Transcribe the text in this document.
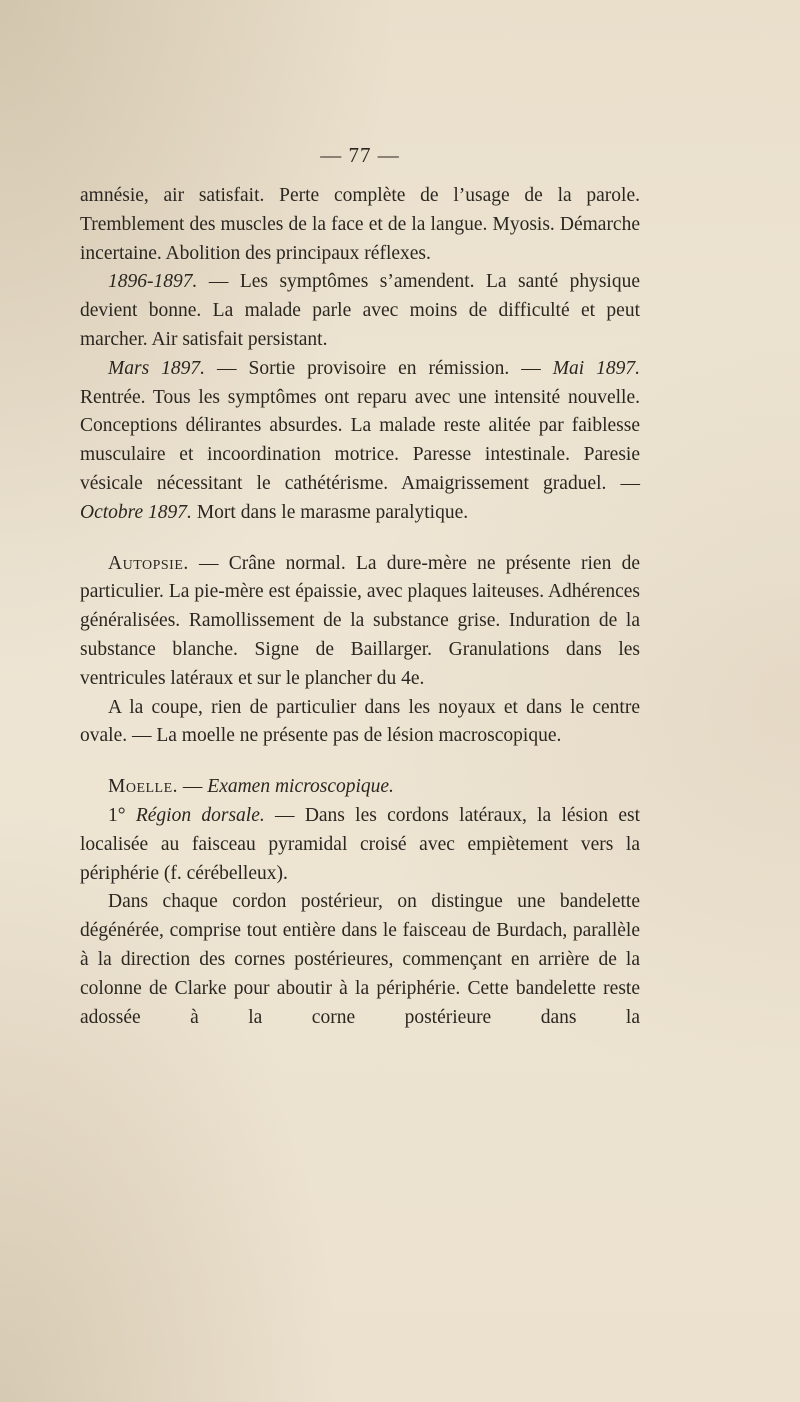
— 77 —

amnésie, air satisfait. Perte complète de l’usage de la parole. Tremblement des muscles de la face et de la langue. Myosis. Démarche incertaine. Abolition des principaux réflexes.

1896-1897. — Les symptômes s’amendent. La santé physique devient bonne. La malade parle avec moins de difficulté et peut marcher. Air satisfait persistant.

Mars 1897. — Sortie provisoire en rémission. — Mai 1897. Rentrée. Tous les symptômes ont reparu avec une intensité nouvelle. Conceptions délirantes absurdes. La malade reste alitée par faiblesse musculaire et incoordination motrice. Paresse intestinale. Paresie vésicale nécessitant le cathétérisme. Amaigrissement graduel. — Octobre 1897. Mort dans le marasme paralytique.

Autopsie. — Crâne normal. La dure-mère ne présente rien de particulier. La pie-mère est épaissie, avec plaques laiteuses. Adhérences généralisées. Ramollissement de la substance grise. Induration de la substance blanche. Signe de Baillarger. Granulations dans les ventricules latéraux et sur le plancher du 4e.

A la coupe, rien de particulier dans les noyaux et dans le centre ovale. — La moelle ne présente pas de lésion macroscopique.

Moelle. — Examen microscopique.

1° Région dorsale. — Dans les cordons latéraux, la lésion est localisée au faisceau pyramidal croisé avec empiètement vers la périphérie (f. cérébelleux).

Dans chaque cordon postérieur, on distingue une bandelette dégénérée, comprise tout entière dans le faisceau de Burdach, parallèle à la direction des cornes postérieures, commençant en arrière de la colonne de Clarke pour aboutir à la périphérie. Cette bandelette reste adossée à la corne postérieure dans la
